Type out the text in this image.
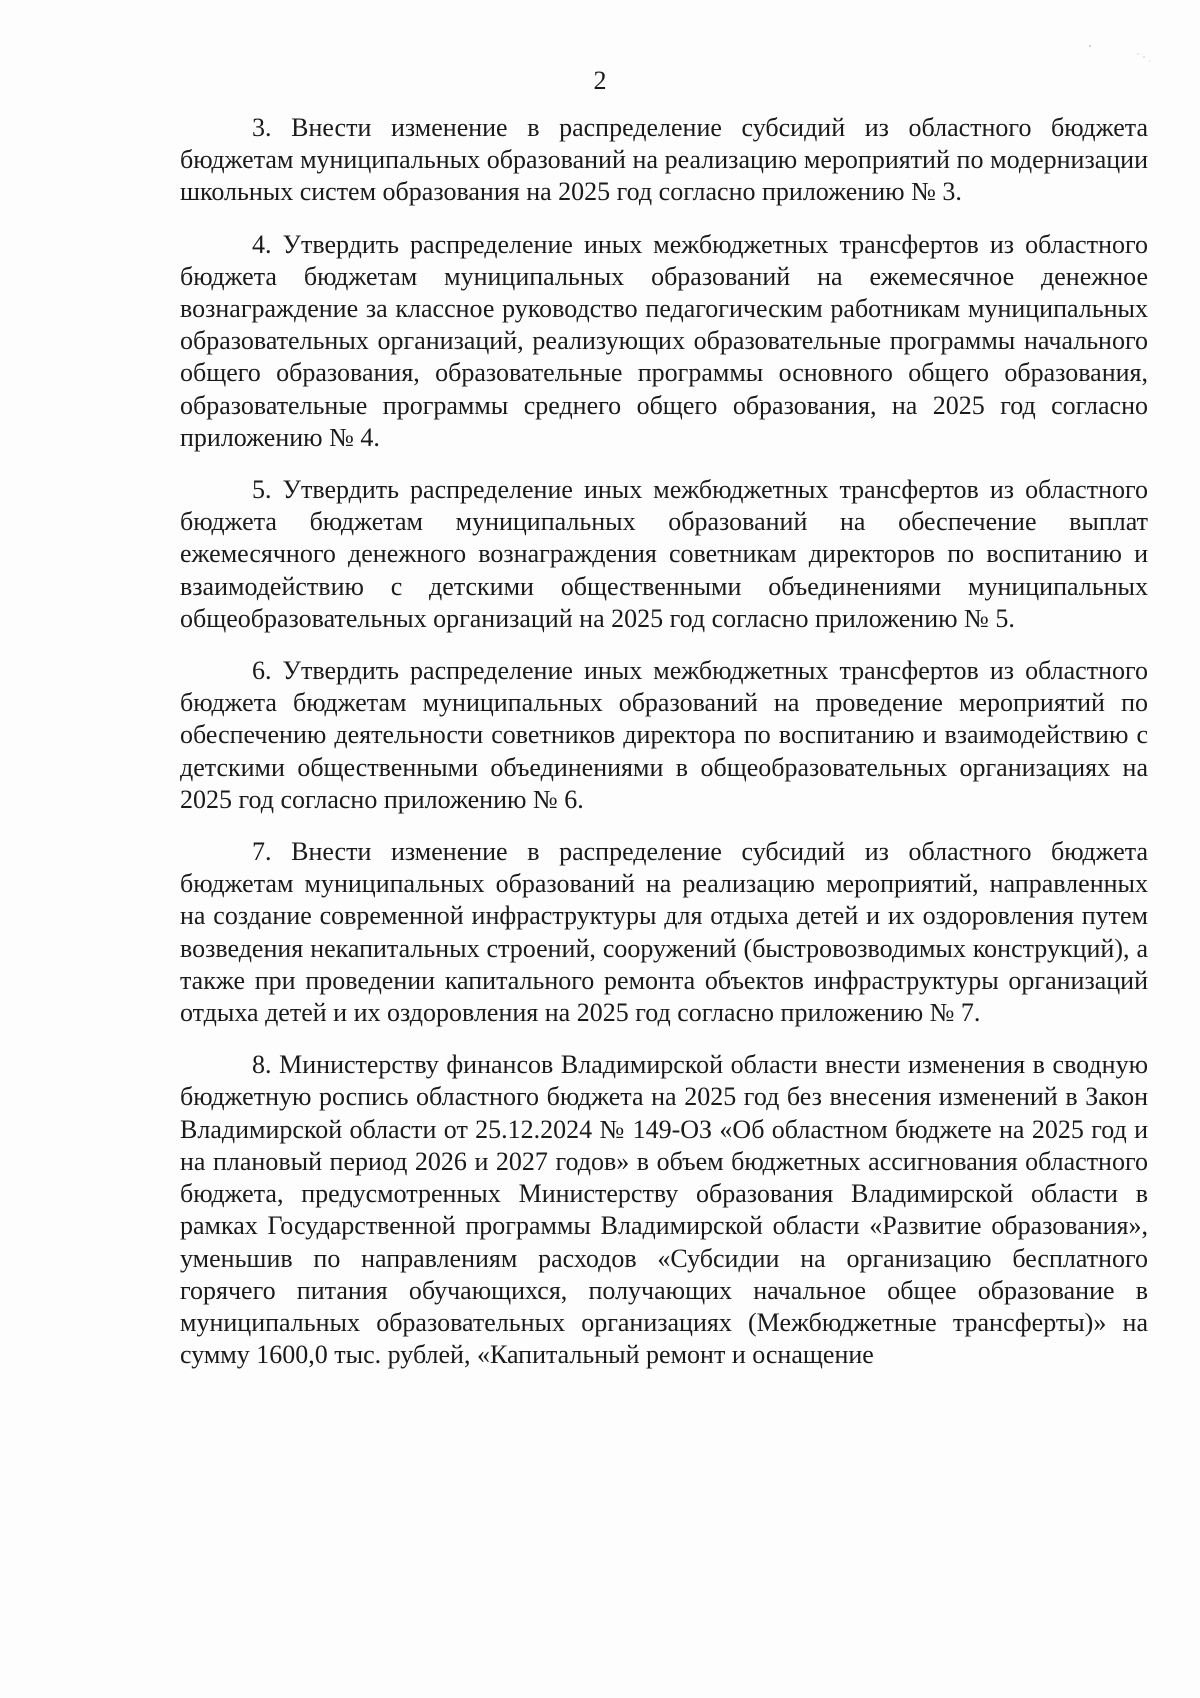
2

3. Внести изменение в распределение субсидий из областного бюджета бюджетам муниципальных образований на реализацию мероприятий по модернизации школьных систем образования на 2025 год согласно приложению № 3.

4. Утвердить распределение иных межбюджетных трансфертов из областного бюджета бюджетам муниципальных образований на ежемесячное денежное вознаграждение за классное руководство педагогическим работникам муниципальных образовательных организаций, реализующих образовательные программы начального общего образования, образовательные программы основного общего образования, образовательные программы среднего общего образования, на 2025 год согласно приложению № 4.

5. Утвердить распределение иных межбюджетных трансфертов из областного бюджета бюджетам муниципальных образований на обеспечение выплат ежемесячного денежного вознаграждения советникам директоров по воспитанию и взаимодействию с детскими общественными объединениями муниципальных общеобразовательных организаций на 2025 год согласно приложению № 5.

6. Утвердить распределение иных межбюджетных трансфертов из областного бюджета бюджетам муниципальных образований на проведение мероприятий по обеспечению деятельности советников директора по воспитанию и взаимодействию с детскими общественными объединениями в общеобразовательных организациях на 2025 год согласно приложению № 6.

7. Внести изменение в распределение субсидий из областного бюджета бюджетам муниципальных образований на реализацию мероприятий, направленных на создание современной инфраструктуры для отдыха детей и их оздоровления путем возведения некапитальных строений, сооружений (быстровозводимых конструкций), а также при проведении капитального ремонта объектов инфраструктуры организаций отдыха детей и их оздоровления на 2025 год согласно приложению № 7.

8. Министерству финансов Владимирской области внести изменения в сводную бюджетную роспись областного бюджета на 2025 год без внесения изменений в Закон Владимирской области от 25.12.2024 № 149-ОЗ «Об областном бюджете на 2025 год и на плановый период 2026 и 2027 годов» в объем бюджетных ассигнования областного бюджета, предусмотренных Министерству образования Владимирской области в рамках Государственной программы Владимирской области «Развитие образования», уменьшив по направлениям расходов «Субсидии на организацию бесплатного горячего питания обучающихся, получающих начальное общее образование в муниципальных образовательных организациях (Межбюджетные трансферты)» на сумму 1600,0 тыс. рублей, «Капитальный ремонт и оснащение
